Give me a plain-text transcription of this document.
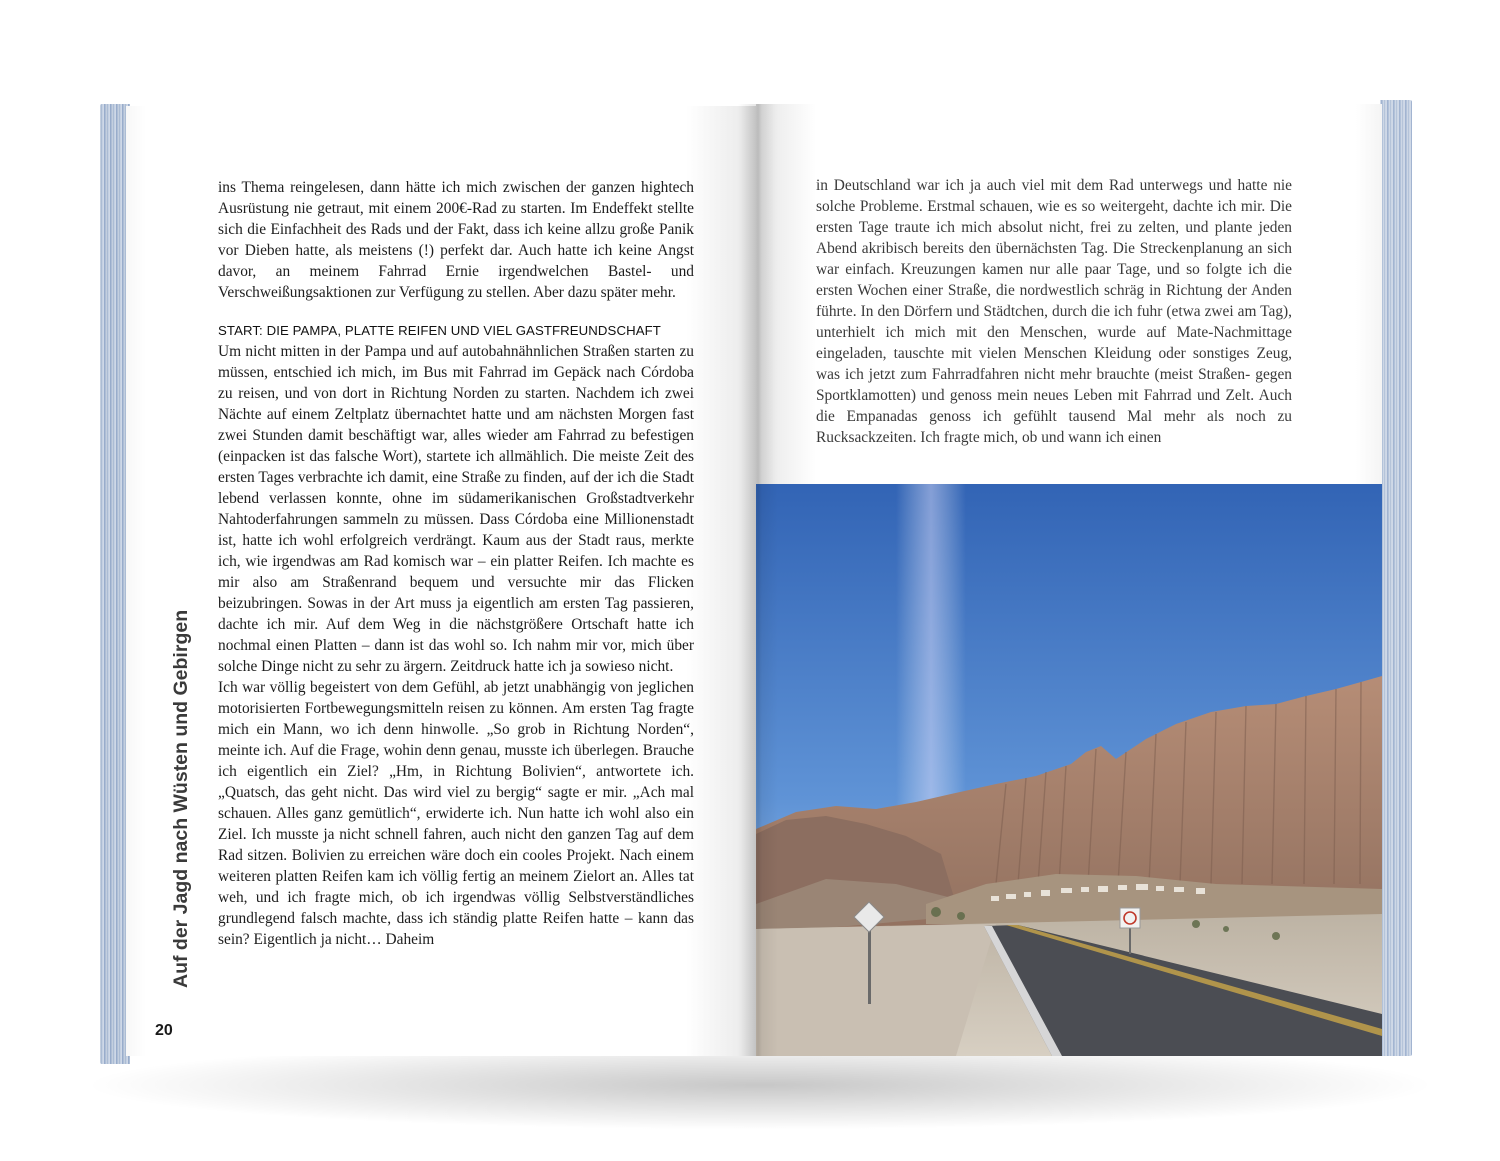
Auf der Jagd nach Wüsten und Gebirgen
20

ins Thema reingelesen, dann hätte ich mich zwischen der ganzen hightech Ausrüstung nie getraut, mit einem 200€-Rad zu starten. Im Endeffekt stellte sich die Einfachheit des Rads und der Fakt, dass ich keine allzu große Panik vor Dieben hatte, als meistens (!) perfekt dar. Auch hatte ich keine Angst davor, an meinem Fahrrad Ernie irgendwelchen Bastel- und Verschweißungsaktionen zur Verfügung zu stellen. Aber dazu später mehr.

START: DIE PAMPA, PLATTE REIFEN UND VIEL GASTFREUNDSCHAFT

Um nicht mitten in der Pampa und auf autobahnähnlichen Straßen starten zu müssen, entschied ich mich, im Bus mit Fahrrad im Gepäck nach Córdoba zu reisen, und von dort in Richtung Norden zu starten. Nachdem ich zwei Nächte auf einem Zeltplatz übernachtet hatte und am nächsten Morgen fast zwei Stunden damit beschäftigt war, alles wieder am Fahrrad zu befestigen (einpacken ist das falsche Wort), startete ich allmählich. Die meiste Zeit des ersten Tages verbrachte ich damit, eine Straße zu finden, auf der ich die Stadt lebend verlassen konnte, ohne im südamerikanischen Großstadtverkehr Nahtoderfahrungen sammeln zu müssen. Dass Córdoba eine Millionenstadt ist, hatte ich wohl erfolgreich verdrängt. Kaum aus der Stadt raus, merkte ich, wie irgendwas am Rad komisch war – ein platter Reifen. Ich machte es mir also am Straßenrand bequem und versuchte mir das Flicken beizubringen. Sowas in der Art muss ja eigentlich am ersten Tag passieren, dachte ich mir. Auf dem Weg in die nächstgrößere Ortschaft hatte ich nochmal einen Platten – dann ist das wohl so. Ich nahm mir vor, mich über solche Dinge nicht zu sehr zu ärgern. Zeitdruck hatte ich ja sowieso nicht.

Ich war völlig begeistert von dem Gefühl, ab jetzt unabhängig von jeglichen motorisierten Fortbewegungsmitteln reisen zu können. Am ersten Tag fragte mich ein Mann, wo ich denn hinwolle. „So grob in Richtung Norden“, meinte ich. Auf die Frage, wohin denn genau, musste ich überlegen. Brauche ich eigentlich ein Ziel? „Hm, in Richtung Bolivien“, antwortete ich. „Quatsch, das geht nicht. Das wird viel zu bergig“ sagte er mir. „Ach mal schauen. Alles ganz gemütlich“, erwiderte ich. Nun hatte ich wohl also ein Ziel. Ich musste ja nicht schnell fahren, auch nicht den ganzen Tag auf dem Rad sitzen. Bolivien zu erreichen wäre doch ein cooles Projekt. Nach einem weiteren platten Reifen kam ich völlig fertig an meinem Zielort an. Alles tat weh, und ich fragte mich, ob ich irgendwas völlig Selbstverständliches grundlegend falsch machte, dass ich ständig platte Reifen hatte – kann das sein? Eigentlich ja nicht… Daheim

in Deutschland war ich ja auch viel mit dem Rad unterwegs und hatte nie solche Probleme. Erstmal schauen, wie es so weitergeht, dachte ich mir. Die ersten Tage traute ich mich absolut nicht, frei zu zelten, und plante jeden Abend akribisch bereits den übernächsten Tag. Die Streckenplanung an sich war einfach. Kreuzungen kamen nur alle paar Tage, und so folgte ich die ersten Wochen einer Straße, die nordwestlich schräg in Richtung der Anden führte. In den Dörfern und Städtchen, durch die ich fuhr (etwa zwei am Tag), unterhielt ich mich mit den Menschen, wurde auf Mate-Nachmittage eingeladen, tauschte mit vielen Menschen Kleidung oder sonstiges Zeug, was ich jetzt zum Fahrradfahren nicht mehr brauchte (meist Straßen- gegen Sportklamotten) und genoss mein neues Leben mit Fahrrad und Zelt. Auch die Empanadas genoss ich gefühlt tausend Mal mehr als noch zu Rucksackzeiten. Ich fragte mich, ob und wann ich einen
